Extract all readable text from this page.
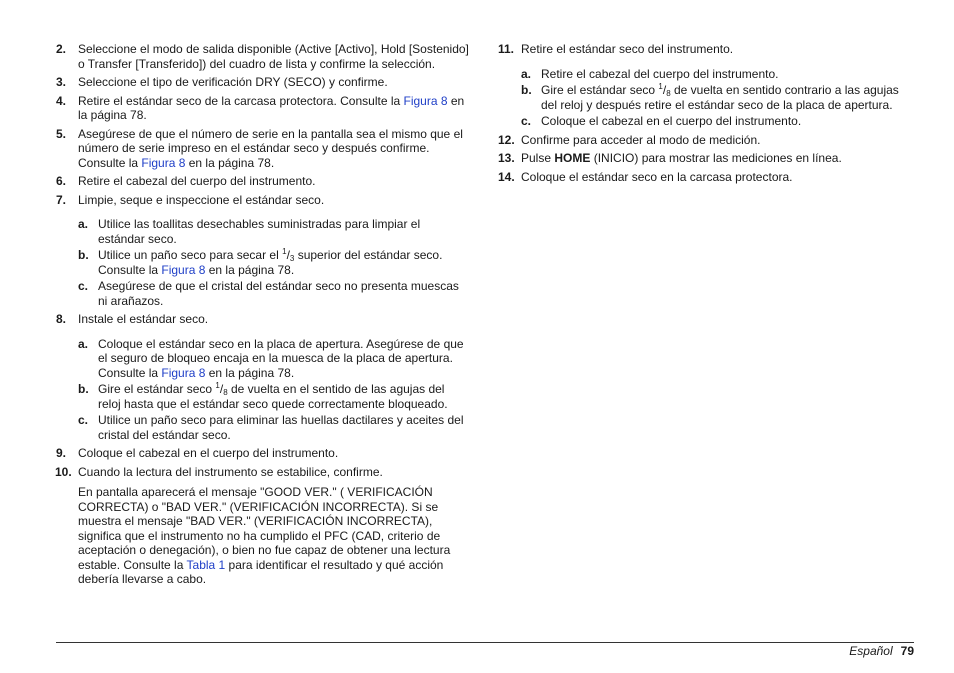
2. Seleccione el modo de salida disponible (Active [Activo], Hold [Sostenido] o Transfer [Transferido]) del cuadro de lista y confirme la selección.
3. Seleccione el tipo de verificación DRY (SECO) y confirme.
4. Retire el estándar seco de la carcasa protectora. Consulte la Figura 8 en la página 78.
5. Asegúrese de que el número de serie en la pantalla sea el mismo que el número de serie impreso en el estándar seco y después confirme. Consulte la Figura 8 en la página 78.
6. Retire el cabezal del cuerpo del instrumento.
7. Limpie, seque e inspeccione el estándar seco.
a. Utilice las toallitas desechables suministradas para limpiar el estándar seco.
b. Utilice un paño seco para secar el $^1/_3$ superior del estándar seco. Consulte la Figura 8 en la página 78.
c. Asegúrese de que el cristal del estándar seco no presenta muescas ni arañazos.
8. Instale el estándar seco.
a. Coloque el estándar seco en la placa de apertura. Asegúrese de que el seguro de bloqueo encaja en la muesca de la placa de apertura. Consulte la Figura 8 en la página 78.
b. Gire el estándar seco $^1/_8$ de vuelta en el sentido de las agujas del reloj hasta que el estándar seco quede correctamente bloqueado.
c. Utilice un paño seco para eliminar las huellas dactilares y aceites del cristal del estándar seco.
9. Coloque el cabezal en el cuerpo del instrumento.
10. Cuando la lectura del instrumento se estabilice, confirme.
En pantalla aparecerá el mensaje "GOOD VER." ( VERIFICACIÓN CORRECTA) o "BAD VER." (VERIFICACIÓN INCORRECTA). Si se muestra el mensaje "BAD VER." (VERIFICACIÓN INCORRECTA), significa que el instrumento no ha cumplido el PFC (CAD, criterio de aceptación o denegación), o bien no fue capaz de obtener una lectura estable. Consulte la Tabla 1 para identificar el resultado y qué acción debería llevarse a cabo.
11. Retire el estándar seco del instrumento.
a. Retire el cabezal del cuerpo del instrumento.
b. Gire el estándar seco $^1/_8$ de vuelta en sentido contrario a las agujas del reloj y después retire el estándar seco de la placa de apertura.
c. Coloque el cabezal en el cuerpo del instrumento.
12. Confirme para acceder al modo de medición.
13. Pulse HOME (INICIO) para mostrar las mediciones en línea.
14. Coloque el estándar seco en la carcasa protectora.
Español 79
